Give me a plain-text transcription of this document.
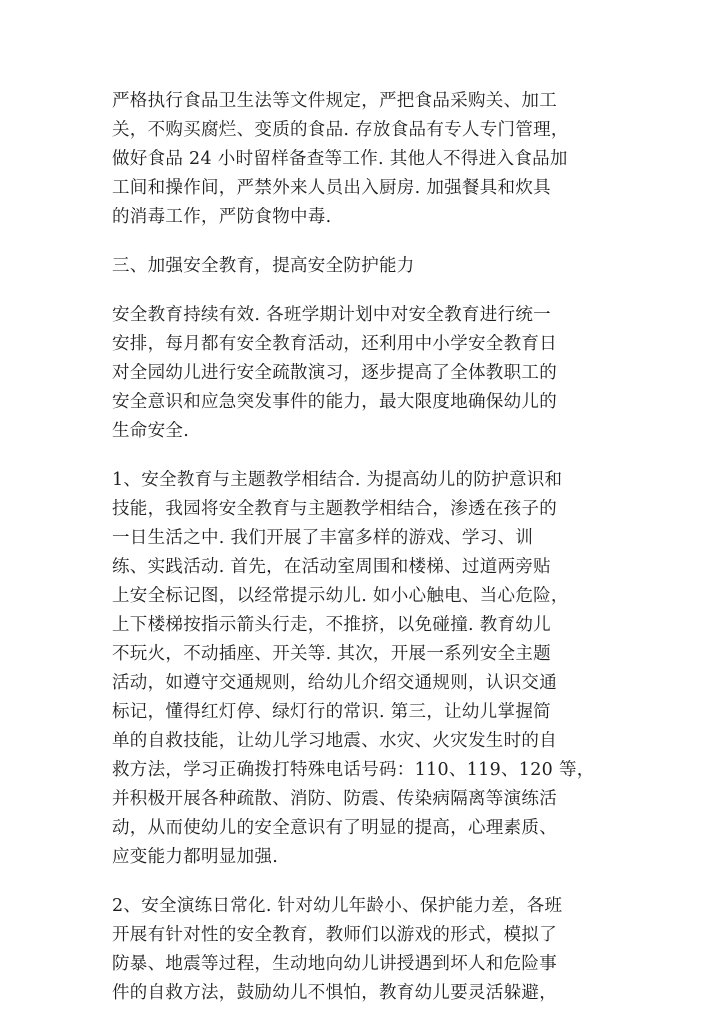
严格执行食品卫生法等文件规定，严把食品采购关、加工

关，不购买腐烂、变质的食品. 存放食品有专人专门管理，

做好食品 24 小时留样备查等工作. 其他人不得进入食品加

工间和操作间，严禁外来人员出入厨房. 加强餐具和炊具

的消毒工作，严防食物中毒.

三、加强安全教育，提高安全防护能力

安全教育持续有效. 各班学期计划中对安全教育进行统一

安排，每月都有安全教育活动，还利用中小学安全教育日

对全园幼儿进行安全疏散演习，逐步提高了全体教职工的

安全意识和应急突发事件的能力，最大限度地确保幼儿的

生命安全.

1、安全教育与主题教学相结合. 为提高幼儿的防护意识和

技能，我园将安全教育与主题教学相结合，渗透在孩子的

一日生活之中. 我们开展了丰富多样的游戏、学习、训

练、实践活动. 首先，在活动室周围和楼梯、过道两旁贴

上安全标记图，以经常提示幼儿. 如小心触电、当心危险，

上下楼梯按指示箭头行走，不推挤，以免碰撞. 教育幼儿

不玩火，不动插座、开关等. 其次，开展一系列安全主题

活动，如遵守交通规则，给幼儿介绍交通规则，认识交通

标记，懂得红灯停、绿灯行的常识. 第三，让幼儿掌握简

单的自救技能，让幼儿学习地震、水灾、火灾发生时的自

救方法，学习正确拨打特殊电话号码：110、119、120 等，

并积极开展各种疏散、消防、防震、传染病隔离等演练活

动，从而使幼儿的安全意识有了明显的提高，心理素质、

应变能力都明显加强.

2、安全演练日常化. 针对幼儿年龄小、保护能力差，各班

开展有针对性的安全教育，教师们以游戏的形式，模拟了

防暴、地震等过程，生动地向幼儿讲授遇到坏人和危险事

件的自救方法，鼓励幼儿不惧怕，教育幼儿要灵活躲避，
